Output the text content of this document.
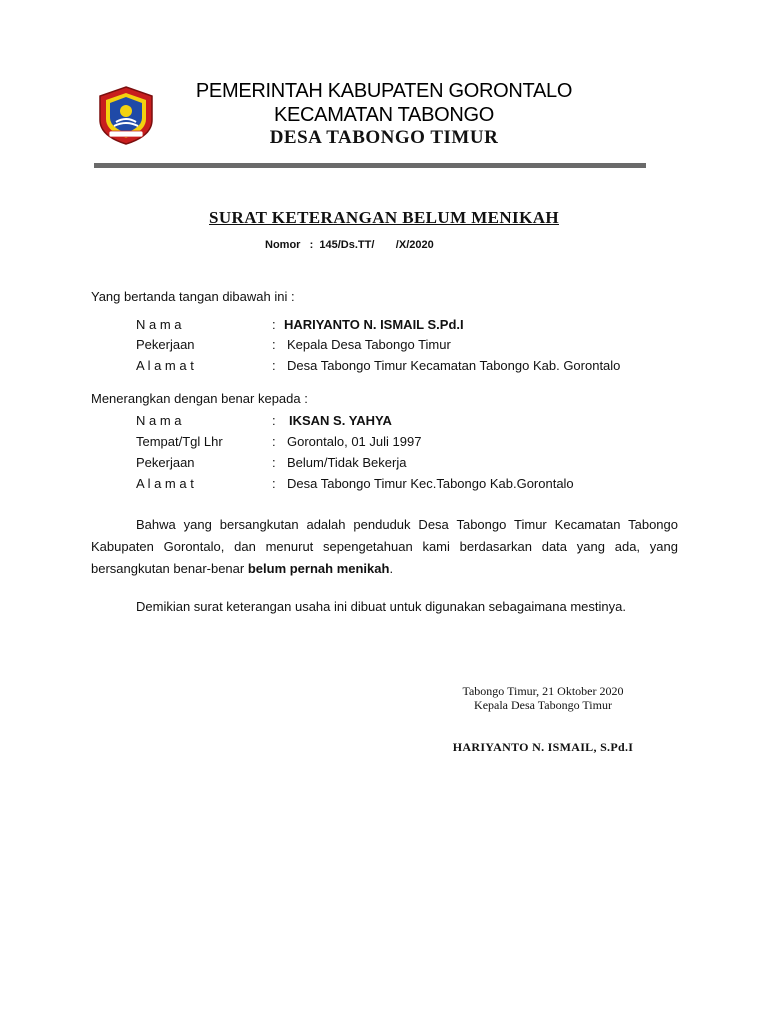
PEMERINTAH KABUPATEN GORONTALO
KECAMATAN TABONGO
DESA TABONGO TIMUR
SURAT KETERANGAN BELUM MENIKAH
Nomor   :  145/Ds.TT/       /X/2020
Yang bertanda tangan dibawah ini :
N a m a	: HARIYANTO N. ISMAIL S.Pd.I
Pekerjaan	: Kepala Desa Tabongo Timur
A l a m a t	: Desa Tabongo Timur Kecamatan Tabongo Kab. Gorontalo
Menerangkan dengan benar kepada :
N a m a	: IKSAN S. YAHYA
Tempat/Tgl Lhr	: Gorontalo, 01 Juli 1997
Pekerjaan	: Belum/Tidak Bekerja
A l a m a t	: Desa Tabongo Timur Kec.Tabongo Kab.Gorontalo
Bahwa yang bersangkutan adalah penduduk Desa Tabongo Timur Kecamatan Tabongo Kabupaten Gorontalo, dan menurut sepengetahuan kami berdasarkan data yang ada, yang bersangkutan benar-benar belum pernah menikah.
Demikian surat keterangan usaha ini dibuat untuk digunakan sebagaimana mestinya.
Tabongo Timur, 21 Oktober 2020
Kepala Desa Tabongo Timur
HARIYANTO N. ISMAIL, S.Pd.I
